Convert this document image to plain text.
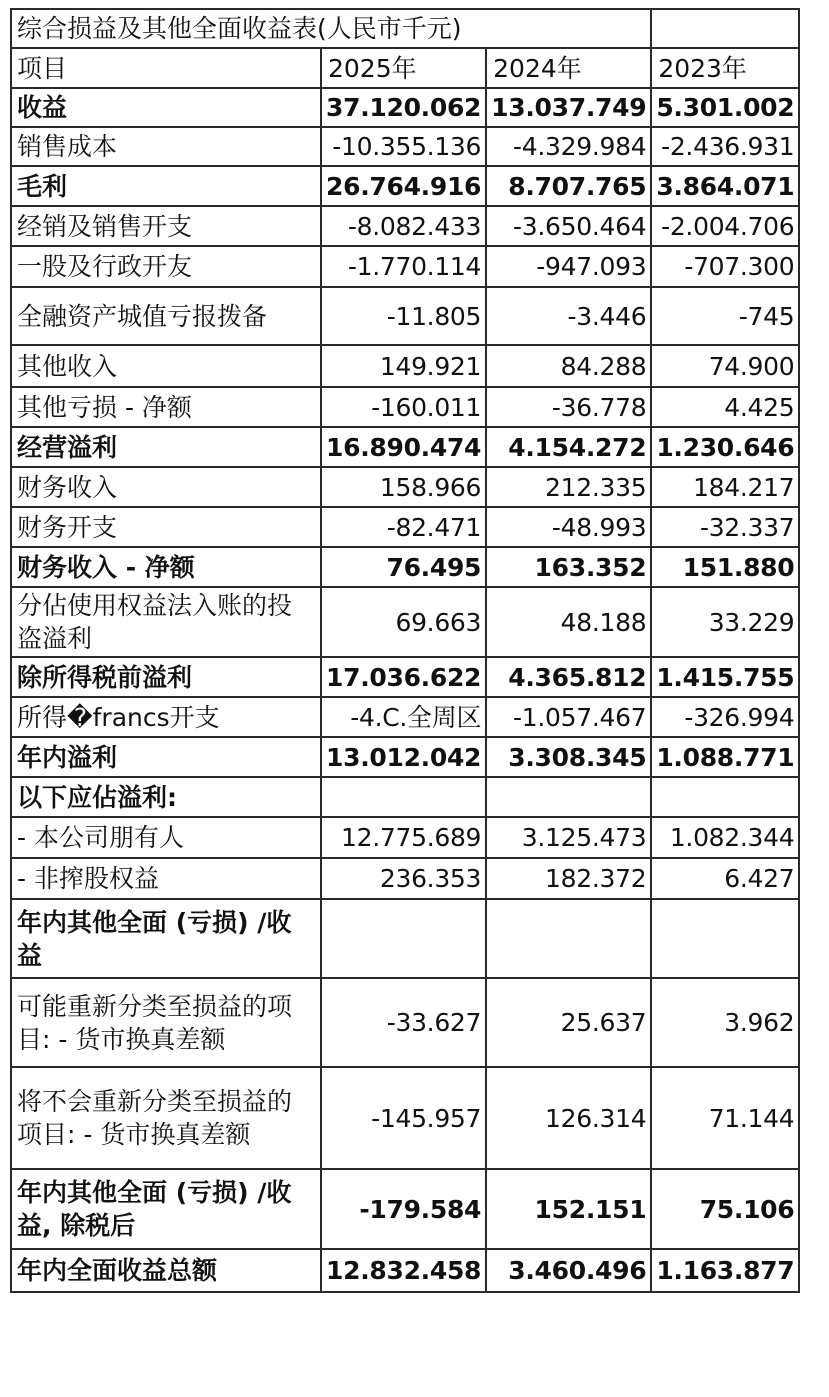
综合损益及其他全面收益表(人民市千元)			
项目	2025年	2024年	2023年
收益	37.120.062	13.037.749	5.301.002
销售成本	-10.355.136	-4.329.984	-2.436.931
毛利	26.764.916	8.707.765	3.864.071
经销及销售开支	-8.082.433	-3.650.464	-2.004.706
一股及行政开友	-1.770.114	-947.093	-707.300
全融资产城值亏报拨备	-11.805	-3.446	-745
其他收入	149.921	84.288	74.900
其他亏损 - 净额	-160.011	-36.778	4.425
经营溢利	16.890.474	4.154.272	1.230.646
财务收入	158.966	212.335	184.217
财务开支	-82.471	-48.993	-32.337
财务收入 - 净额	76.495	163.352	151.880
分佔使用权益法入账的投盗溢利	69.663	48.188	33.229
除所得税前溢利	17.036.622	4.365.812	1.415.755
所得�francs开支	-4.C.全周区	-1.057.467	-326.994
年内溢利	13.012.042	3.308.345	1.088.771
以下应佔溢利:			
- 本公司朋有人	12.775.689	3.125.473	1.082.344
- 非搾股权益	236.353	182.372	6.427
年内其他全面 (亏损) ∕收益			
可能重新分类至损益的项目: - 货市换真差额	-33.627	25.637	3.962
将不会重新分类至损益的项目: - 货市换真差额	-145.957	126.314	71.144
年内其他全面 (亏损) ∕收益, 除税后	-179.584	152.151	75.106
年内全面收益总额	12.832.458	3.460.496	1.163.877
